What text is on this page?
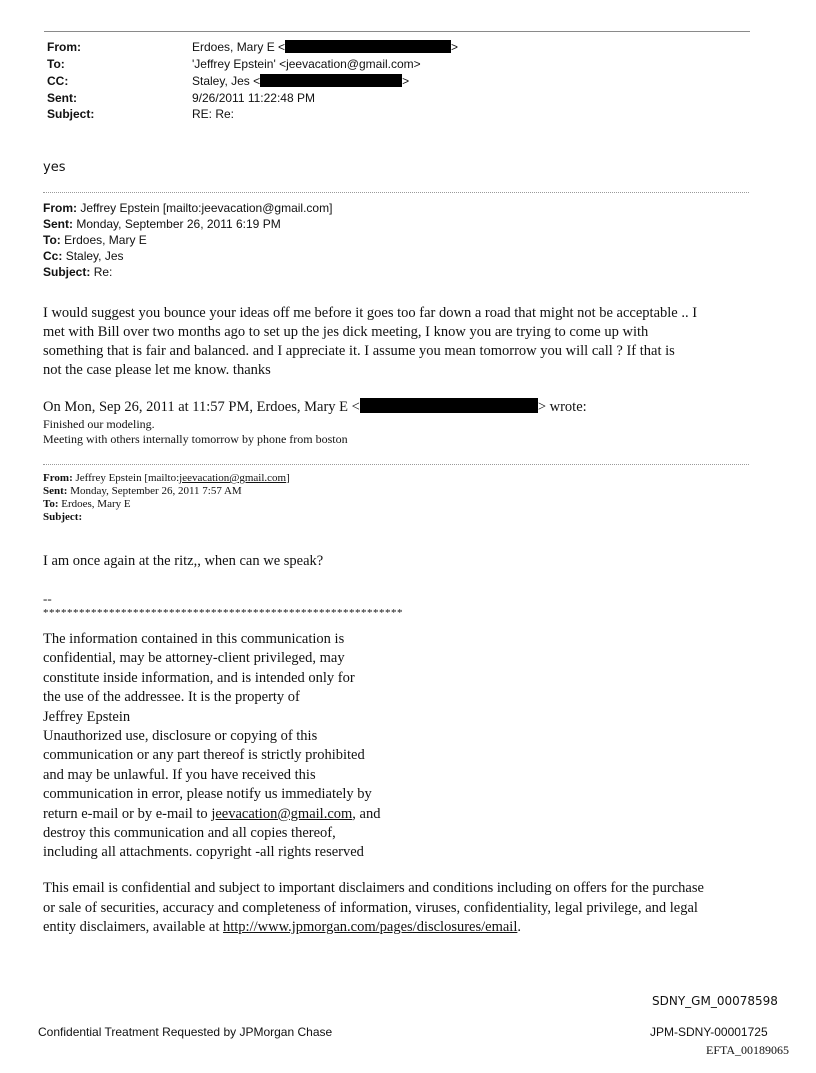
From:	Erdoes, Mary E <	>
To:	'Jeffrey Epstein' <jeevacation@gmail.com>
CC:	Staley, Jes <	>
Sent:	9/26/2011 11:22:48 PM
Subject:	RE: Re:
yes
From: Jeffrey Epstein [mailto:jeevacation@gmail.com]
Sent: Monday, September 26, 2011 6:19 PM
To: Erdoes, Mary E
Cc: Staley, Jes
Subject: Re:
I would suggest you bounce your ideas off me before it goes too far down a road that might not be acceptable .. I
met with Bill over two months ago to set up the jes dick meeting, I know you are trying to come up with
something that is fair and balanced. and I appreciate it. I assume you mean tomorrow you will call ? If that is
not the case please let me know. thanks
On Mon, Sep 26, 2011 at 11:57 PM, Erdoes, Mary E <	> wrote:
Finished our modeling.
Meeting with others internally tomorrow by phone from boston
From: Jeffrey Epstein [mailto:jeevacation@gmail.com]
Sent: Monday, September 26, 2011 7:57 AM
To: Erdoes, Mary E
Subject:
I am once again at the ritz,, when can we speak?
--
************************************************************
The information contained in this communication is
confidential, may be attorney-client privileged, may
constitute inside information, and is intended only for
the use of the addressee. It is the property of
Jeffrey Epstein
Unauthorized use, disclosure or copying of this
communication or any part thereof is strictly prohibited
and may be unlawful. If you have received this
communication in error, please notify us immediately by
return e-mail or by e-mail to jeevacation@gmail.com, and
destroy this communication and all copies thereof,
including all attachments. copyright -all rights reserved
This email is confidential and subject to important disclaimers and conditions including on offers for the purchase
or sale of securities, accuracy and completeness of information, viruses, confidentiality, legal privilege, and legal
entity disclaimers, available at http://www.jpmorgan.com/pages/disclosures/email.
SDNY_GM_00078598
Confidential Treatment Requested by JPMorgan Chase	JPM-SDNY-00001725
EFTA_00189065
